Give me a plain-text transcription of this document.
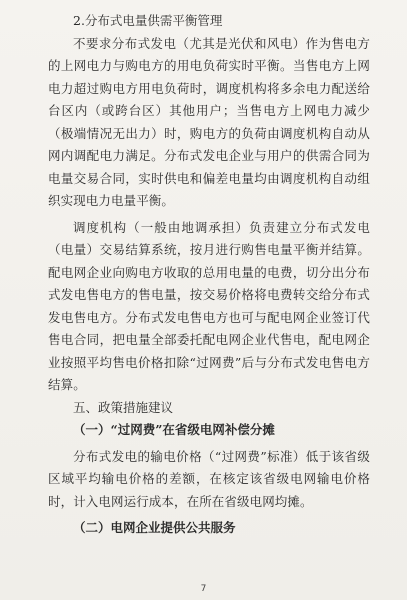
2.分布式电量供需平衡管理

不要求分布式发电（尤其是光伏和风电）作为售电方的上网电力与购电方的用电负荷实时平衡。当售电方上网电力超过购电方用电负荷时，调度机构将多余电力配送给台区内（或跨台区）其他用户；当售电方上网电力减少（极端情况无出力）时，购电方的负荷由调度机构自动从网内调配电力满足。分布式发电企业与用户的供需合同为电量交易合同，实时供电和偏差电量均由调度机构自动组织实现电力电量平衡。

调度机构（一般由地调承担）负责建立分布式发电（电量）交易结算系统，按月进行购售电量平衡并结算。配电网企业向购电方收取的总用电量的电费，切分出分布式发电售电方的售电量，按交易价格将电费转交给分布式发电售电方。分布式发电售电方也可与配电网企业签订代售电合同，把电量全部委托配电网企业代售电，配电网企业按照平均售电价格扣除“过网费”后与分布式发电售电方结算。

五、政策措施建议
（一）“过网费”在省级电网补偿分摊

分布式发电的输电价格（“过网费”标准）低于该省级区域平均输电价格的差额，在核定该省级电网输电价格时，计入电网运行成本，在所在省级电网均摊。

（二）电网企业提供公共服务
7
